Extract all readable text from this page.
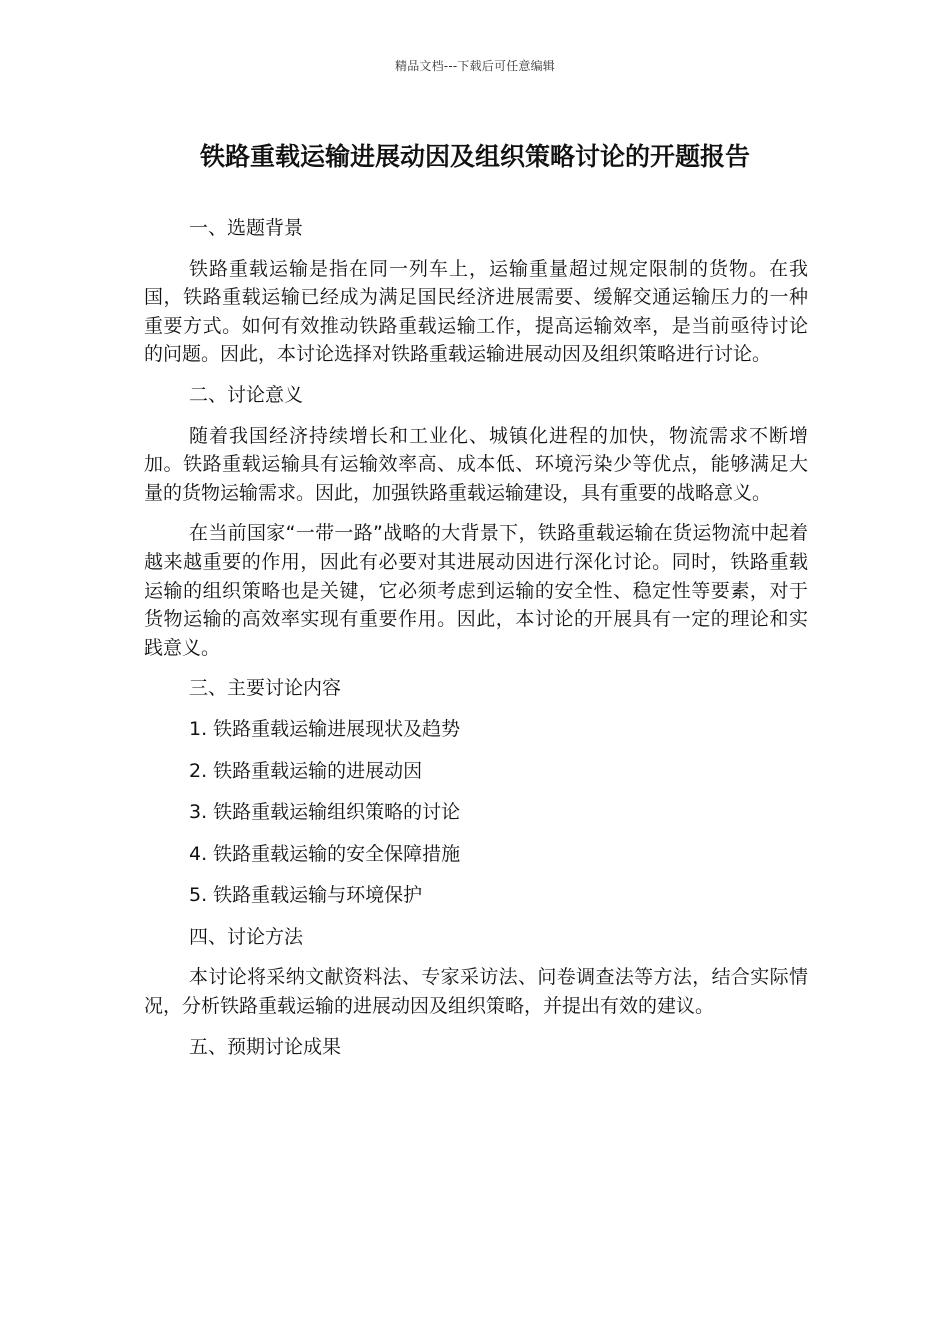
精品文档---下载后可任意编辑
铁路重载运输进展动因及组织策略讨论的开题报告

一、选题背景

铁路重载运输是指在同一列车上，运输重量超过规定限制的货物。在我国，铁路重载运输已经成为满足国民经济进展需要、缓解交通运输压力的一种重要方式。如何有效推动铁路重载运输工作，提高运输效率，是当前亟待讨论的问题。因此，本讨论选择对铁路重载运输进展动因及组织策略进行讨论。

二、讨论意义

随着我国经济持续增长和工业化、城镇化进程的加快，物流需求不断增加。铁路重载运输具有运输效率高、成本低、环境污染少等优点，能够满足大量的货物运输需求。因此，加强铁路重载运输建设，具有重要的战略意义。

在当前国家“一带一路”战略的大背景下，铁路重载运输在货运物流中起着越来越重要的作用，因此有必要对其进展动因进行深化讨论。同时，铁路重载运输的组织策略也是关键，它必须考虑到运输的安全性、稳定性等要素，对于货物运输的高效率实现有重要作用。因此，本讨论的开展具有一定的理论和实践意义。

三、主要讨论内容

1. 铁路重载运输进展现状及趋势

2. 铁路重载运输的进展动因

3. 铁路重载运输组织策略的讨论

4. 铁路重载运输的安全保障措施

5. 铁路重载运输与环境保护

四、讨论方法

本讨论将采纳文献资料法、专家采访法、问卷调查法等方法，结合实际情况，分析铁路重载运输的进展动因及组织策略，并提出有效的建议。

五、预期讨论成果
